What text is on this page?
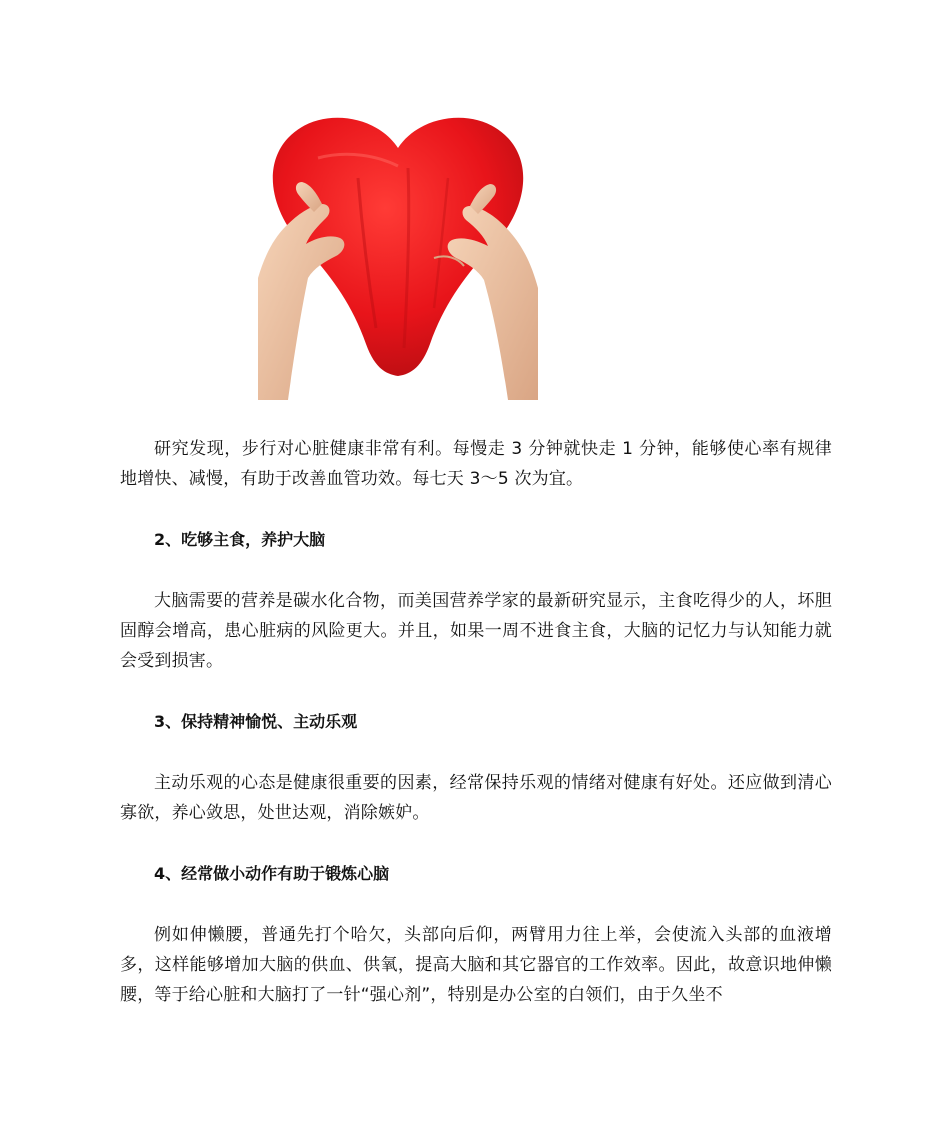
研究发现，步行对心脏健康非常有利。每慢走 3 分钟就快走 1 分钟，能够使心率有规律地增快、减慢，有助于改善血管功效。每七天 3～5 次为宜。

2、吃够主食，养护大脑

大脑需要的营养是碳水化合物，而美国营养学家的最新研究显示，主食吃得少的人，坏胆固醇会增高，患心脏病的风险更大。并且，如果一周不进食主食，大脑的记忆力与认知能力就会受到损害。

3、保持精神愉悦、主动乐观

主动乐观的心态是健康很重要的因素，经常保持乐观的情绪对健康有好处。还应做到清心寡欲，养心敛思，处世达观，消除嫉妒。

4、经常做小动作有助于锻炼心脑

例如伸懒腰，普通先打个哈欠，头部向后仰，两臂用力往上举，会使流入头部的血液增多，这样能够增加大脑的供血、供氧，提高大脑和其它器官的工作效率。因此，故意识地伸懒腰，等于给心脏和大脑打了一针“强心剂”，特别是办公室的白领们，由于久坐不
